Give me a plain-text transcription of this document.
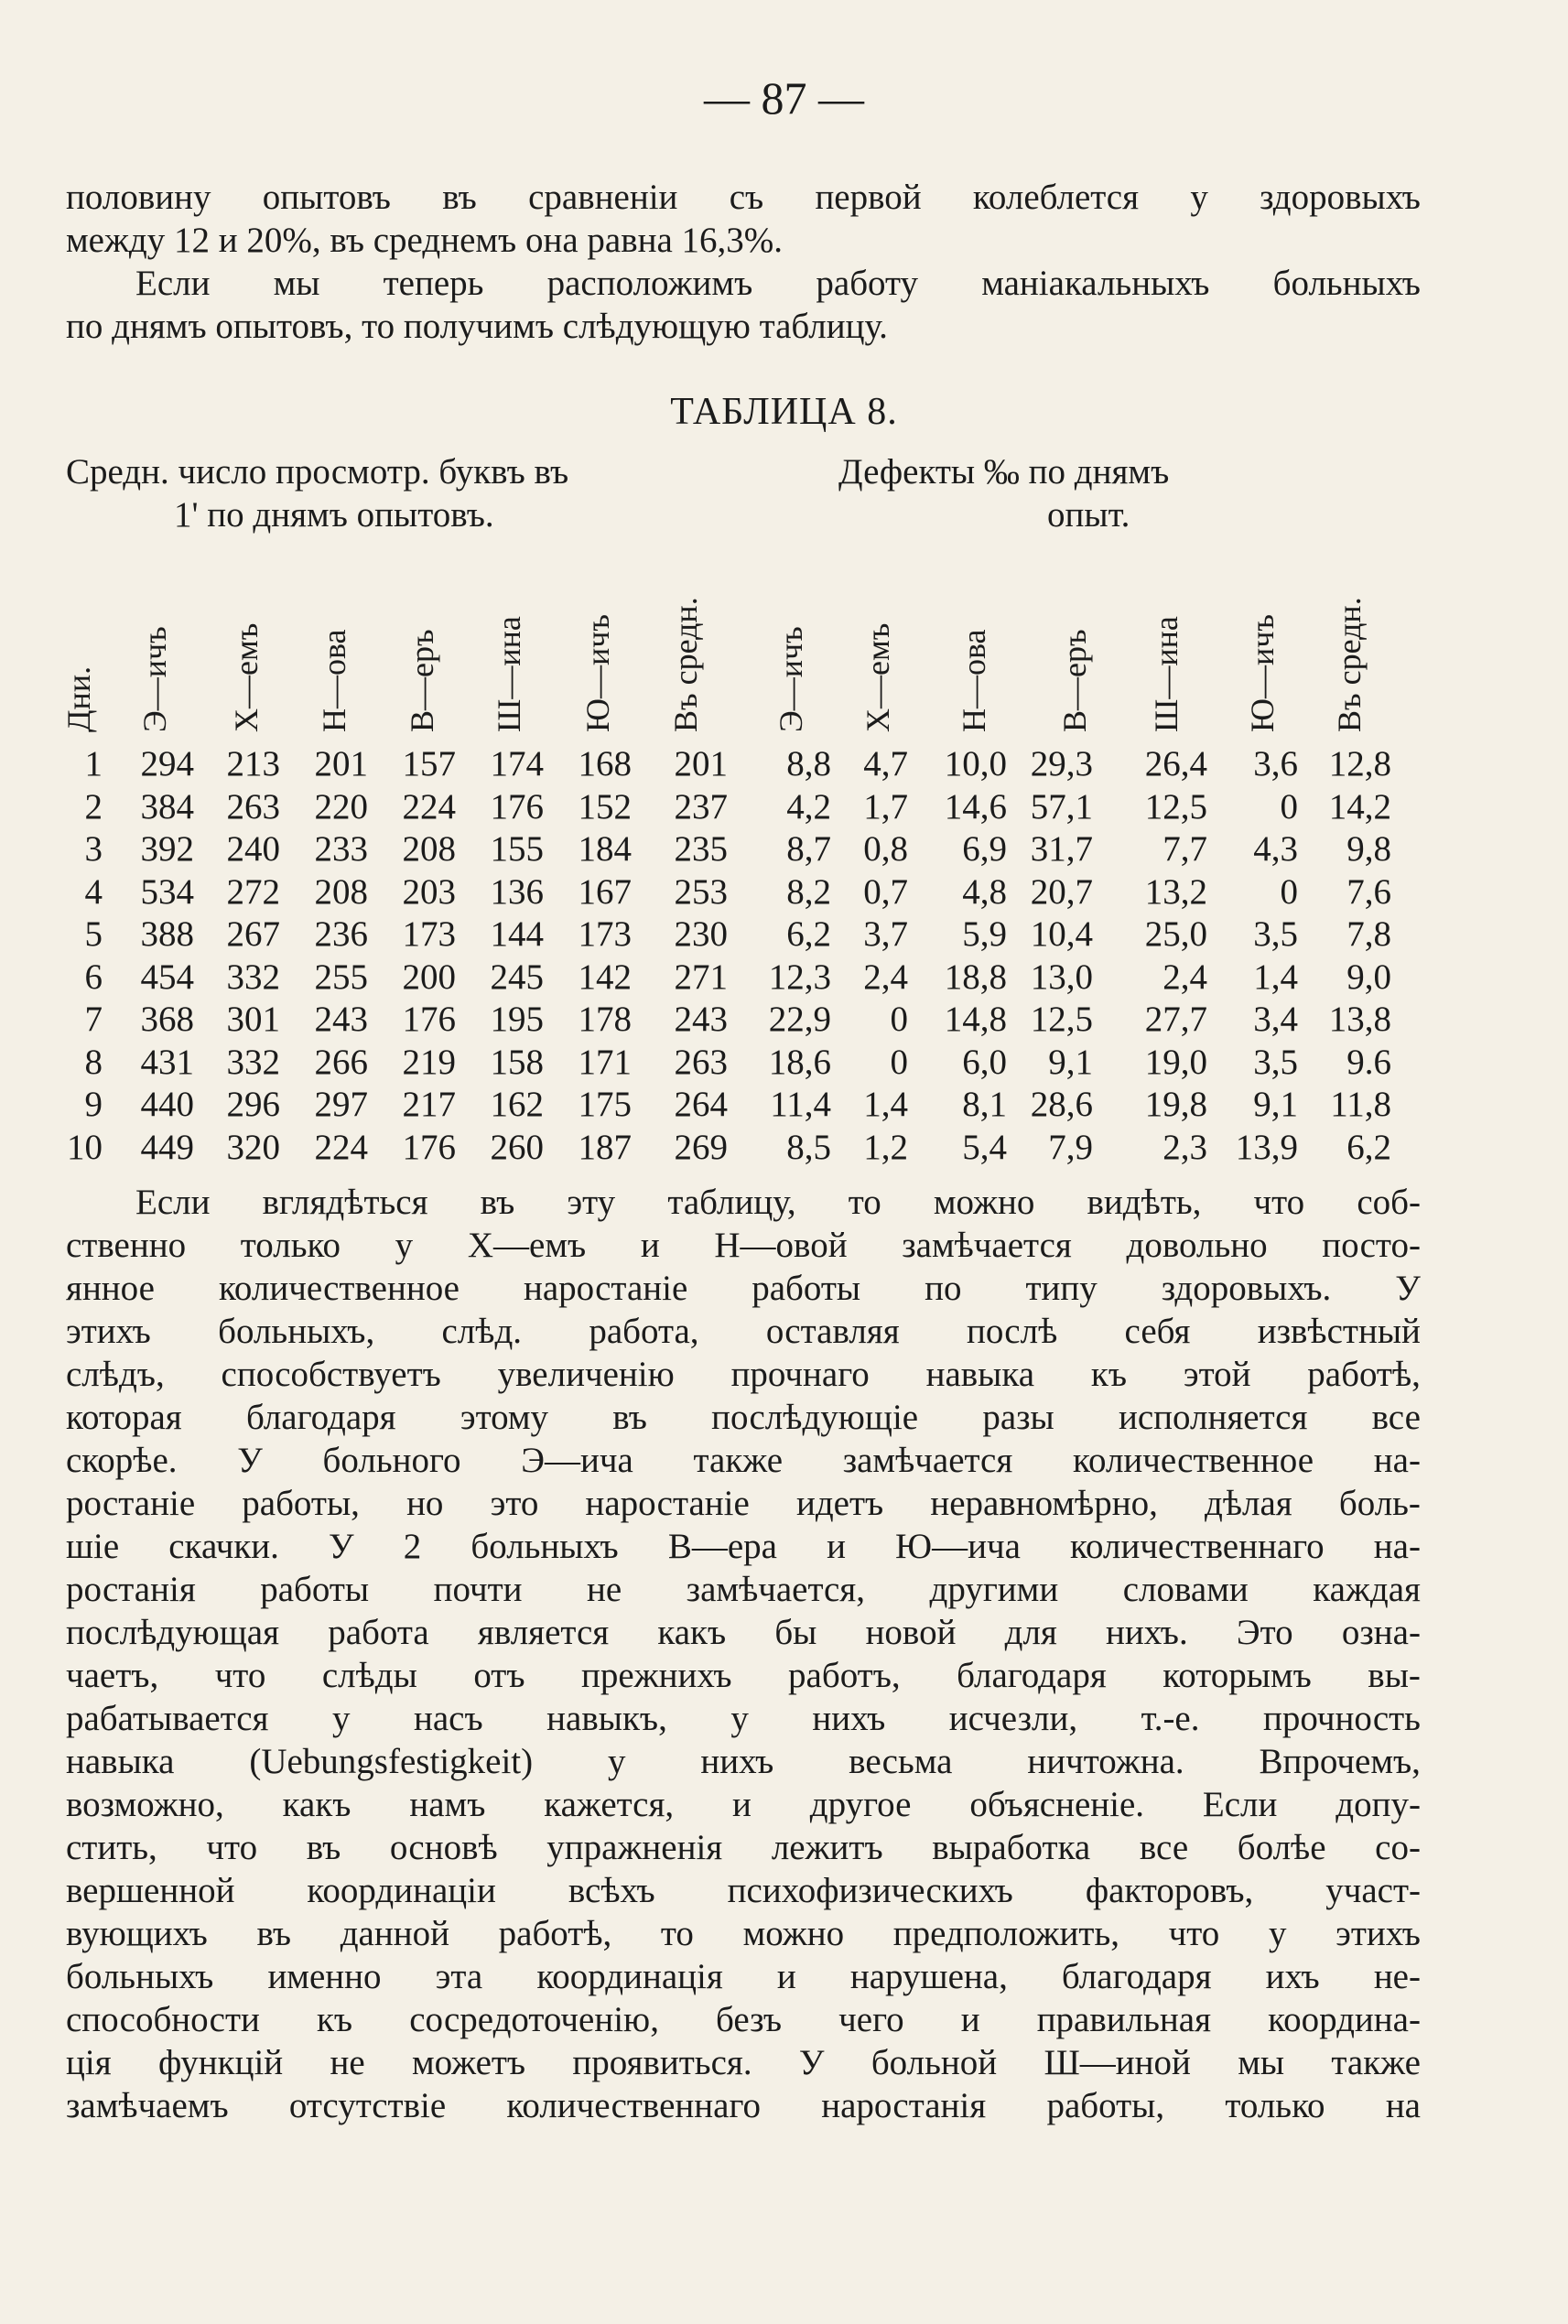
— 87 —
половину опытовъ въ сравненіи съ первой колеблется у здоровыхъ
между 12 и 20%, въ среднемъ она равна 16,3%.
Если мы теперь расположимъ работу маніакальныхъ больныхъ
по днямъ опытовъ, то получимъ слѣдующую таблицу.
ТАБЛИЦА 8.
Средн. число просмотр. буквъ въ
1' по днямъ опытовъ.
Дефекты ‰ по днямъ
опыт.
Дни. Э—ичъ Х—емъ Н—ова В—еръ Ш—ина Ю—ичъ Въ средн. Э—ичъ Х—емъ Н—ова В—еръ Ш—ина Ю—ичъ Въ средн.
1 294 213 201 157 174 168 201 8,8 4,7 10,0 29,3 26,4 3,6 12,8
2 384 263 220 224 176 152 237 4,2 1,7 14,6 57,1 12,5 0 14,2
3 392 240 233 208 155 184 235 8,7 0,8 6,9 31,7 7,7 4,3 9,8
4 534 272 208 203 136 167 253 8,2 0,7 4,8 20,7 13,2 0 7,6
5 388 267 236 173 144 173 230 6,2 3,7 5,9 10,4 25,0 3,5 7,8
6 454 332 255 200 245 142 271 12,3 2,4 18,8 13,0 2,4 1,4 9,0
7 368 301 243 176 195 178 243 22,9 0 14,8 12,5 27,7 3,4 13,8
8 431 332 266 219 158 171 263 18,6 0 6,0 9,1 19,0 3,5 9.6
9 440 296 297 217 162 175 264 11,4 1,4 8,1 28,6 19,8 9,1 11,8
10 449 320 224 176 260 187 269 8,5 1,2 5,4 7,9 2,3 13,9 6,2
Если вглядѣться въ эту таблицу, то можно видѣть, что соб-
ственно только у Х—емъ и Н—овой замѣчается довольно посто-
янное количественное наростаніе работы по типу здоровыхъ. У
этихъ больныхъ, слѣд. работа, оставляя послѣ себя извѣстный
слѣдъ, способствуетъ увеличенію прочнаго навыка къ этой работѣ,
которая благодаря этому въ послѣдующіе разы исполняется все
скорѣе. У больного Э—ича также замѣчается количественное на-
ростаніе работы, но это наростаніе идетъ неравномѣрно, дѣлая боль-
шіе скачки. У 2 больныхъ В—ера и Ю—ича количественнаго на-
ростанія работы почти не замѣчается, другими словами каждая
послѣдующая работа является какъ бы новой для нихъ. Это озна-
чаетъ, что слѣды отъ прежнихъ работъ, благодаря которымъ вы-
рабатывается у насъ навыкъ, у нихъ исчезли, т.-е. прочность
навыка (Uebungsfestigkeit) у нихъ весьма ничтожна. Впрочемъ,
возможно, какъ намъ кажется, и другое объясненіе. Если допу-
стить, что въ основѣ упражненія лежитъ выработка все болѣе со-
вершенной координаціи всѣхъ психофизическихъ факторовъ, участ-
вующихъ въ данной работѣ, то можно предположить, что у этихъ
больныхъ именно эта координація и нарушена, благодаря ихъ не-
способности къ сосредоточенію, безъ чего и правильная координа-
ція функцій не можетъ проявиться. У больной Ш—иной мы также
замѣчаемъ отсутствіе количественнаго наростанія работы, только на
